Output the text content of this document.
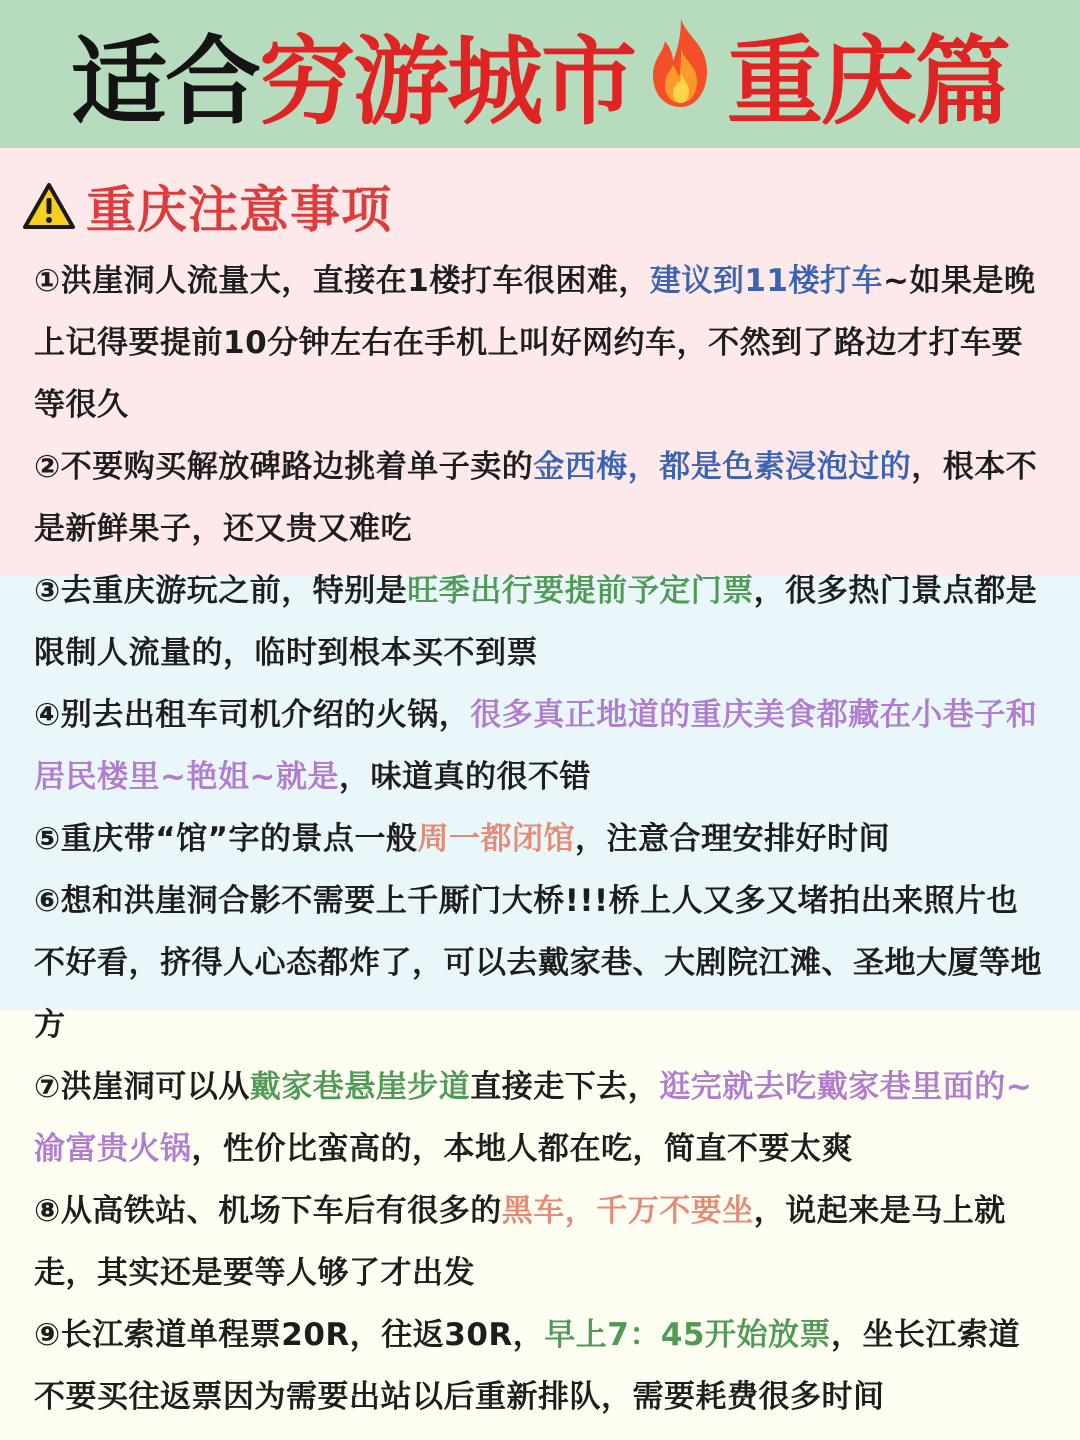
适合 穷游城市 重庆篇
重庆注意事项

①洪崖洞人流量大，直接在1楼打车很困难，建议到11楼打车~如果是晚上记得要提前10分钟左右在手机上叫好网约车，不然到了路边才打车要等很久

②不要购买解放碑路边挑着单子卖的金西梅，都是色素浸泡过的，根本不是新鲜果子，还又贵又难吃

③去重庆游玩之前，特别是旺季出行要提前予定门票，很多热门景点都是限制人流量的，临时到根本买不到票

④别去出租车司机介绍的火锅，很多真正地道的重庆美食都藏在小巷子和居民楼里~艳姐~就是，味道真的很不错

⑤重庆带“馆”字的景点一般周一都闭馆，注意合理安排好时间

⑥想和洪崖洞合影不需要上千厮门大桥!!!桥上人又多又堵拍出来照片也不好看，挤得人心态都炸了，可以去戴家巷、大剧院江滩、圣地大厦等地方

⑦洪崖洞可以从戴家巷悬崖步道直接走下去，逛完就去吃戴家巷里面的~渝富贵火锅，性价比蛮高的，本地人都在吃，简直不要太爽

⑧从高铁站、机场下车后有很多的黑车，千万不要坐，说起来是马上就走，其实还是要等人够了才出发

⑨长江索道单程票20R，往返30R，早上7：45开始放票，坐长江索道不要买往返票因为需要出站以后重新排队，需要耗费很多时间
